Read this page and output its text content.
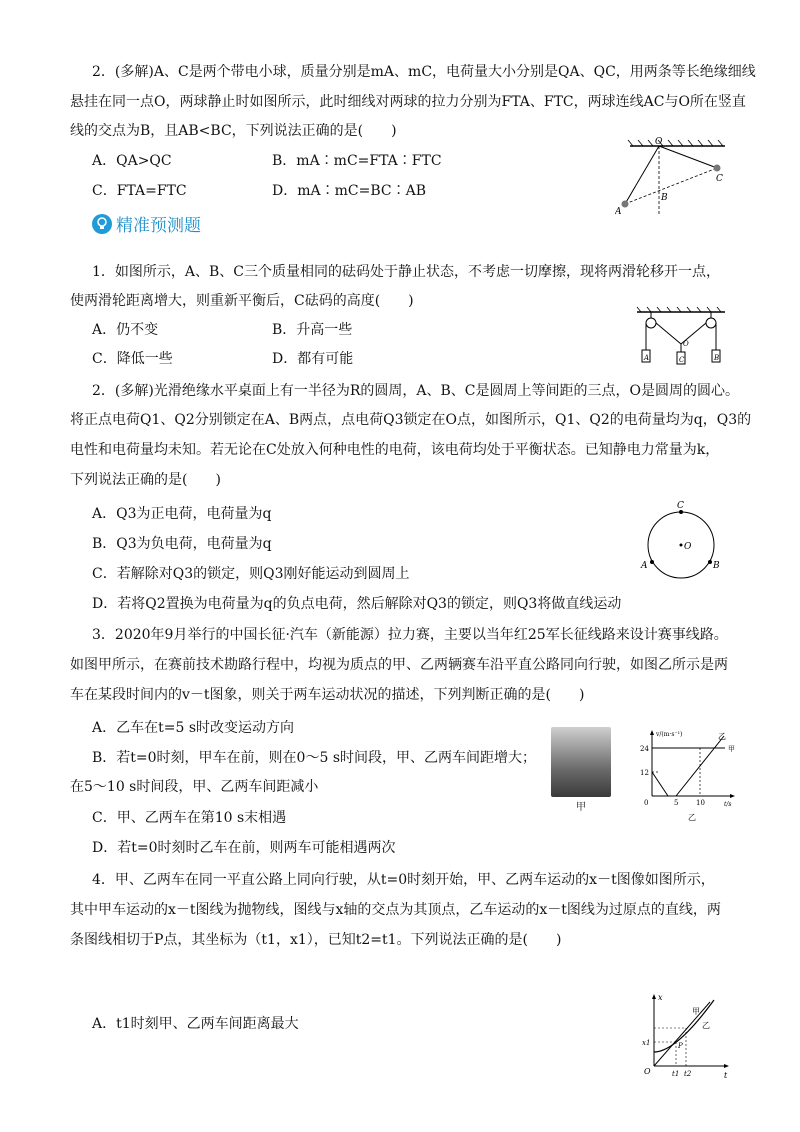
2．(多解)A、C是两个带电小球，质量分别是mA、mC，电荷量大小分别是QA、QC，用两条等长绝缘细线
悬挂在同一点O，两球静止时如图所示，此时细线对两球的拉力分别为FTA、FTC，两球连线AC与O所在竖直
线的交点为B，且AB<BC，下列说法正确的是(　　)
A．QA>QC	B．mA∶mC=FTA∶FTC
C．FTA=FTC	D．mA∶mC=BC∶AB
O
A
B
C
精准预测题
1．如图所示，A、B、C三个质量相同的砝码处于静止状态，不考虑一切摩擦，现将两滑轮移开一点，
使两滑轮距离增大，则重新平衡后，C砝码的高度(　　)
A．仍不变	B．升高一些
C．降低一些	D．都有可能	A	C	B
O
2．(多解)光滑绝缘水平桌面上有一半径为R的圆周，A、B、C是圆周上等间距的三点，O是圆周的圆心。
将正点电荷Q1、Q2分别锁定在A、B两点，点电荷Q3锁定在O点，如图所示，Q1、Q2的电荷量均为q，Q3的
电性和电荷量均未知。若无论在C处放入何种电性的电荷，该电荷均处于平衡状态。已知静电力常量为k，
下列说法正确的是(　　)
A．Q3为正电荷，电荷量为q
B．Q3为负电荷，电荷量为q
C．若解除对Q3的锁定，则Q3刚好能运动到圆周上
D．若将Q2置换为电荷量为q的负点电荷，然后解除对Q3的锁定，则Q3将做直线运动
C
A	B
O
3．2020年9月举行的中国长征·汽车（新能源）拉力赛，主要以当年红25军长征线路来设计赛事线路。
如图甲所示，在赛前技术勘路行程中，均视为质点的甲、乙两辆赛车沿平直公路同向行驶，如图乙所示是两
车在某段时间内的v－t图象，则关于两车运动状况的描述，下列判断正确的是(　　)
A．乙车在t=5 s时改变运动方向
B．若t=0时刻，甲车在前，则在0～5 s时间段，甲、乙两车间距增大；
在5～10 s时间段，甲、乙两车间距减小
C．甲、乙两车在第10 s末相遇
D．若t=0时刻时乙车在前，则两车可能相遇两次
甲
v/(m·s⁻¹)
t/s
24
12
0	5	10
甲
乙
乙
4．甲、乙两车在同一平直公路上同向行驶，从t=0时刻开始，甲、乙两车运动的x－t图像如图所示，
其中甲车运动的x－t图线为抛物线，图线与x轴的交点为其顶点，乙车运动的x－t图线为过原点的直线，两
条图线相切于P点，其坐标为（t1，x1），已知t2=t1。下列说法正确的是(　　)
A．t1时刻甲、乙两车间距离最大
x
t
O
x1	P
t1 t2
甲
乙
